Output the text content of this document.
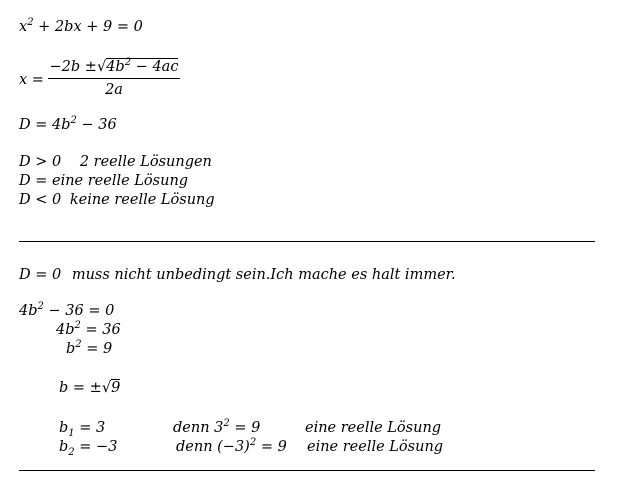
$x^2 + 2bx + 9 = 0$
x =
$-2b \pm√4b^2 - 4ac$
2a
$D = 4b^2 - 36$
D > 0 2 reelle Lösungen
D = eine reelle Lösung
D < 0 keine reelle Lösung
D = 0 muss nicht unbedingt sein.Ich mache es halt immer.
$4b^2 - 36 = 0$
$4b^2 = 36$
$b^2 = 9$
b = ±√9
$b_1 = 3$	denn $3^2 = 9$	eine reelle Lösung
$b_2 = -3$	denn $(-3)^2 = 9$ eine reelle Lösung
